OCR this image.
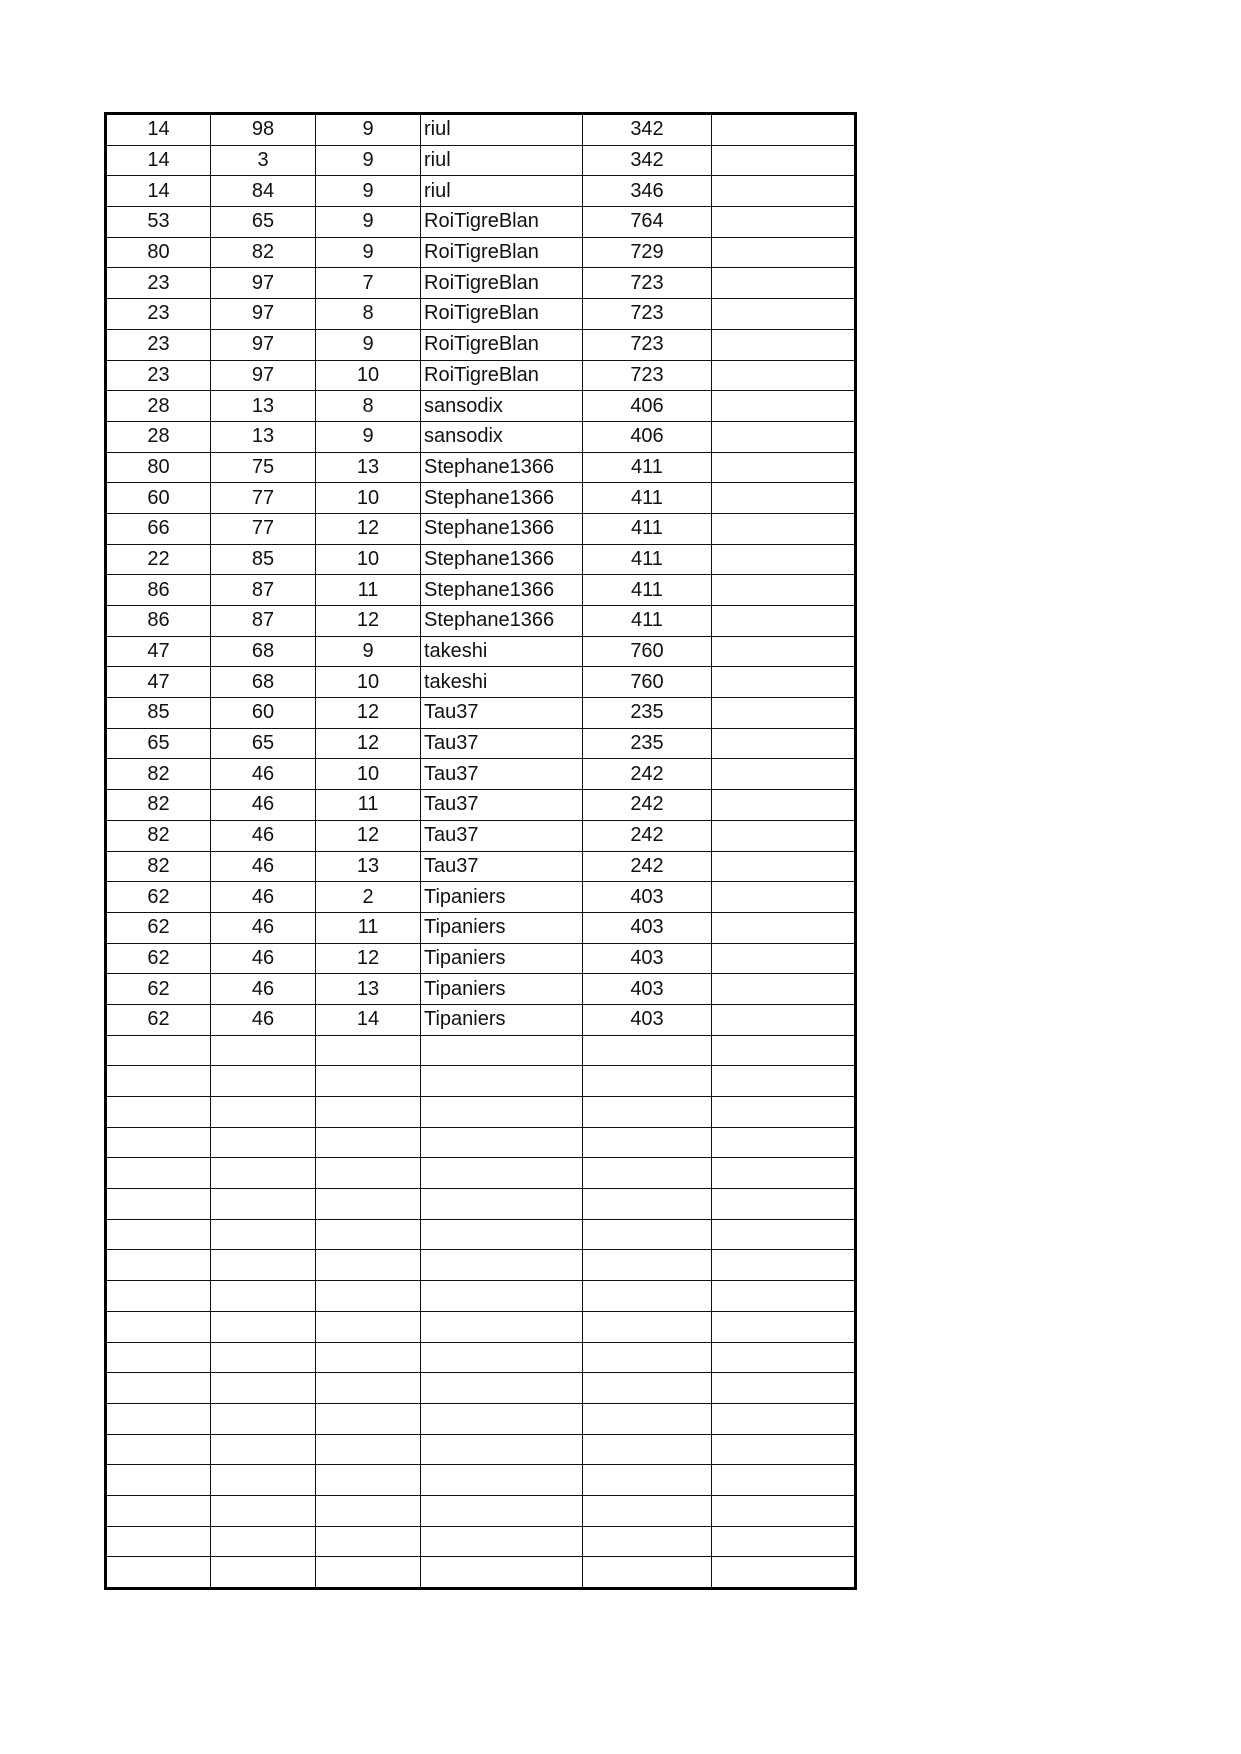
14	98	9	riul	342	
14	3	9	riul	342	
14	84	9	riul	346	
53	65	9	RoiTigreBlan	764	
80	82	9	RoiTigreBlan	729	
23	97	7	RoiTigreBlan	723	
23	97	8	RoiTigreBlan	723	
23	97	9	RoiTigreBlan	723	
23	97	10	RoiTigreBlan	723	
28	13	8	sansodix	406	
28	13	9	sansodix	406	
80	75	13	Stephane1366	411	
60	77	10	Stephane1366	411	
66	77	12	Stephane1366	411	
22	85	10	Stephane1366	411	
86	87	11	Stephane1366	411	
86	87	12	Stephane1366	411	
47	68	9	takeshi	760	
47	68	10	takeshi	760	
85	60	12	Tau37	235	
65	65	12	Tau37	235	
82	46	10	Tau37	242	
82	46	11	Tau37	242	
82	46	12	Tau37	242	
82	46	13	Tau37	242	
62	46	2	Tipaniers	403	
62	46	11	Tipaniers	403	
62	46	12	Tipaniers	403	
62	46	13	Tipaniers	403	
62	46	14	Tipaniers	403	
